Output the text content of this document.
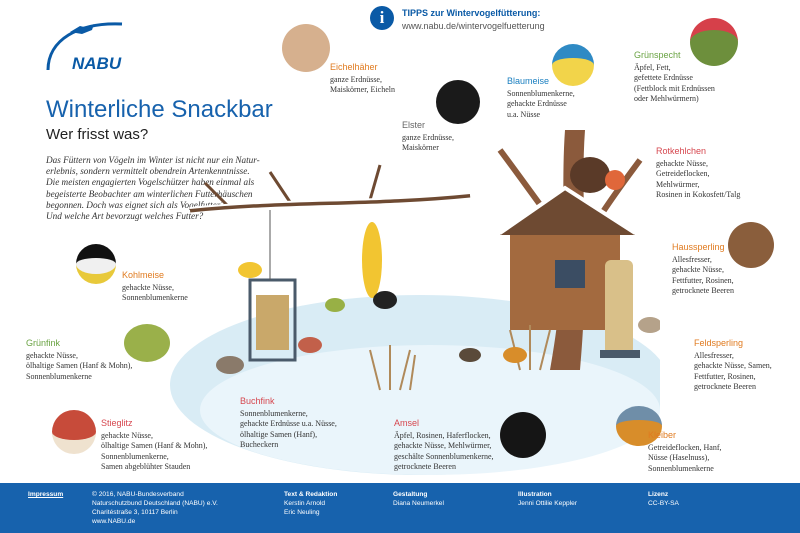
NABU
i	TIPPS zur Wintervogelfütterung:
www.nabu.de/wintervogelfuetterung
Winterliche Snackbar
Wer frisst was?
Das Füttern von Vögeln im Winter ist nicht nur ein Natur-
erlebnis, sondern vermittelt obendrein Artenkenntnisse.
Die meisten engagierten Vogelschützer haben einmal als
begeisterte Beobachter am winterlichen Futterhäuschen
begonnen. Doch was eignet sich als Vogelfutter?
Und welche Art bevorzugt welches Futter?
Eichelhäher
ganze Erdnüsse,
Maiskörner, Eicheln
Elster
ganze Erdnüsse,
Maiskörner
Blaumeise
Sonnenblumenkerne,
gehackte Erdnüsse
u.a. Nüsse
Grünspecht
Äpfel, Fett,
gefettete Erdnüsse
(Fettblock mit Erdnüssen
oder Mehlwürmern)
Rotkehlchen
gehackte Nüsse,
Getreideflocken,
Mehlwürmer,
Rosinen in Kokosfett/Talg
Haussperling
Allesfresser,
gehackte Nüsse,
Fettfutter, Rosinen,
getrocknete Beeren
Feldsperling
Allesfresser,
gehackte Nüsse, Samen,
Fettfutter, Rosinen,
getrocknete Beeren
Kleiber
Getreideflocken, Hanf,
Nüsse (Haselnuss),
Sonnenblumenkerne
Amsel
Äpfel, Rosinen, Haferflocken,
gehackte Nüsse, Mehlwürmer,
geschälte Sonnenblumenkerne,
getrocknete Beeren
Buchfink
Sonnenblumenkerne,
gehackte Erdnüsse u.a. Nüsse,
ölhaltige Samen (Hanf),
Bucheckern
Stieglitz
gehackte Nüsse,
ölhaltige Samen (Hanf & Mohn),
Sonnenblumenkerne,
Samen abgeblühter Stauden
Grünfink
gehackte Nüsse,
ölhaltige Samen (Hanf & Mohn),
Sonnenblumenkerne
Kohlmeise
gehackte Nüsse,
Sonnenblumenkerne
Impressum	© 2016, NABU-Bundesverband
Naturschutzbund Deutschland (NABU) e.V.
Charitéstraße 3, 10117 Berlin
www.NABU.de
Text & Redaktion
Kerstin Arnold
Eric Neuling
Gestaltung
Diana Neumerkel
Illustration
Jenni Ottilie Keppler
Lizenz
CC-BY-SA
